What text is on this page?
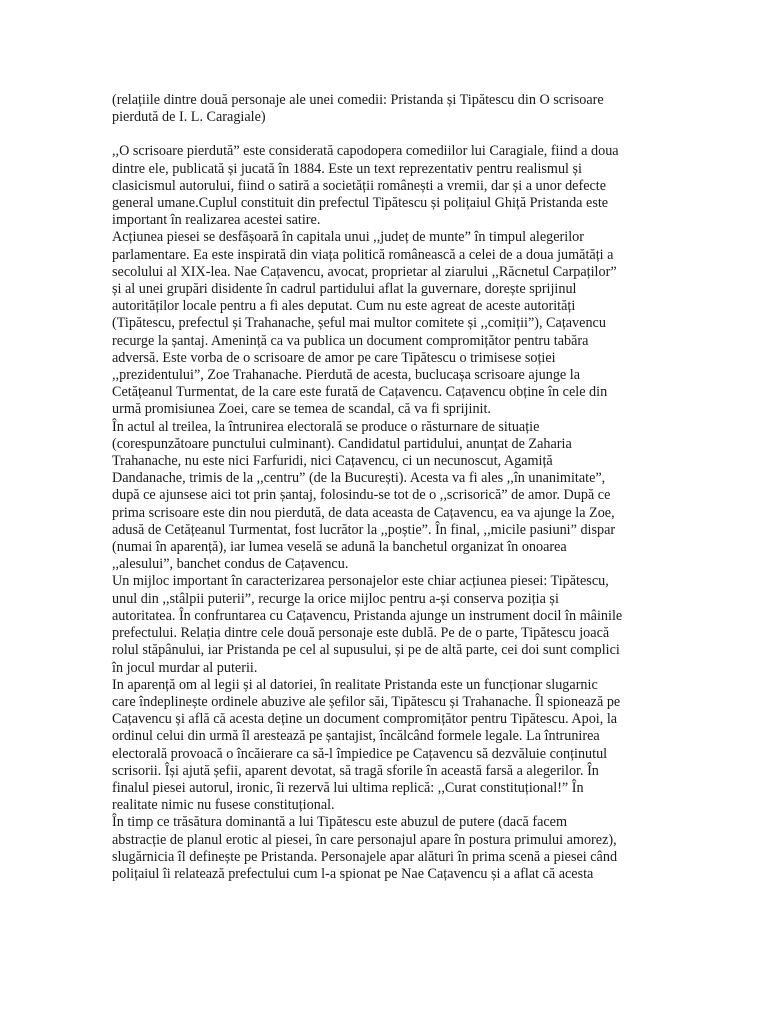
(relațiile dintre două personaje ale unei comedii: Pristanda și Tipătescu din O scrisoare
pierdută de I. L. Caragiale)

,,O scrisoare pierdută” este considerată capodopera comediilor lui Caragiale, fiind a doua
dintre ele, publicată și jucată în 1884. Este un text reprezentativ pentru realismul și
clasicismul autorului, fiind o satiră a societății românești a vremii, dar și a unor defecte
general umane.Cuplul constituit din prefectul Tipătescu și polițaiul Ghiță Pristanda este
important în realizarea acestei satire.

Acțiunea piesei se desfășoară în capitala unui ,,județ de munte” în timpul alegerilor
parlamentare. Ea este inspirată din viața politică românească a celei de a doua jumătăți a
secolului al XIX-lea. Nae Cațavencu, avocat, proprietar al ziarului ,,Răcnetul Carpaților”
și al unei grupări disidente în cadrul partidului aflat la guvernare, dorește sprijinul
autorităților locale pentru a fi ales deputat. Cum nu este agreat de aceste autorități
(Tipătescu, prefectul și Trahanache, șeful mai multor comitete și ,,comiții”), Cațavencu
recurge la șantaj. Amenință ca va publica un document compromițător pentru tabăra
adversă. Este vorba de o scrisoare de amor pe care Tipătescu o trimisese soției
,,prezidentului”, Zoe Trahanache. Pierdută de acesta, buclucașa scrisoare ajunge la
Cetățeanul Turmentat, de la care este furată de Cațavencu. Cațavencu obține în cele din
urmă promisiunea Zoei, care se temea de scandal, că va fi sprijinit.

În actul al treilea, la întrunirea electorală se produce o răsturnare de situație
(corespunzătoare punctului culminant). Candidatul partidului, anunțat de Zaharia
Trahanache, nu este nici Farfuridi, nici Cațavencu, ci un necunoscut, Agamiță
Dandanache, trimis de la ,,centru” (de la București). Acesta va fi ales ,,în unanimitate”,
după ce ajunsese aici tot prin șantaj, folosindu-se tot de o ,,scrisorică” de amor. După ce
prima scrisoare este din nou pierdută, de data aceasta de Cațavencu, ea va ajunge la Zoe,
adusă de Cetățeanul Turmentat, fost lucrător la ,,poștie”. În final, ,,micile pasiuni” dispar
(numai în aparență), iar lumea veselă se adună la banchetul organizat în onoarea
,,alesului”, banchet condus de Cațavencu.

Un mijloc important în caracterizarea personajelor este chiar acțiunea piesei: Tipătescu,
unul din ,,stâlpii puterii”, recurge la orice mijloc pentru a-și conserva poziția și
autoritatea. În confruntarea cu Cațavencu, Pristanda ajunge un instrument docil în mâinile
prefectului. Relația dintre cele două personaje este dublă. Pe de o parte, Tipătescu joacă
rolul stăpânului, iar Pristanda pe cel al supusului, și pe de altă parte, cei doi sunt complici
în jocul murdar al puterii.

In aparență om al legii și al datoriei, în realitate Pristanda este un funcționar slugarnic
care îndeplinește ordinele abuzive ale șefilor săi, Tipătescu și Trahanache. Îl spionează pe
Cațavencu și află că acesta deține un document compromițător pentru Tipătescu. Apoi, la
ordinul celui din urmă îl arestează pe șantajist, încălcând formele legale. La întrunirea
electorală provoacă o încăierare ca să-l împiedice pe Cațavencu să dezvăluie conținutul
scrisorii. Își ajută șefii, aparent devotat, să tragă sforile în această farsă a alegerilor. În
finalul piesei autorul, ironic, îi rezervă lui ultima replică: ,,Curat constituțional!” În
realitate nimic nu fusese constituțional.

În timp ce trăsătura dominantă a lui Tipătescu este abuzul de putere (dacă facem
abstracție de planul erotic al piesei, în care personajul apare în postura primului amorez),
slugărnicia îl definește pe Pristanda. Personajele apar alături în prima scenă a piesei când
polițaiul îi relatează prefectului cum l-a spionat pe Nae Cațavencu și a aflat că acesta
